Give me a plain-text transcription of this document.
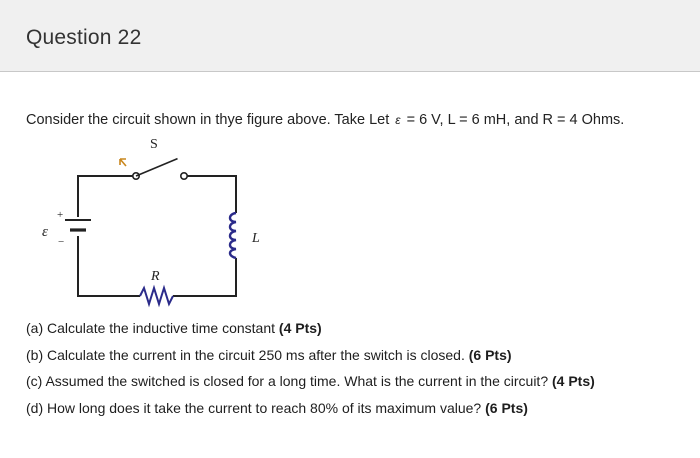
Question 22
Consider the circuit shown in thye figure above. Take Let ε = 6 V, L = 6 mH, and R = 4 Ohms.
S
+
−
ε	L
R
(a) Calculate the inductive time constant (4 Pts)
(b) Calculate the current in the circuit 250 ms after the switch is closed. (6 Pts)
(c) Assumed the switched is closed for a long time. What is the current in the circuit? (4 Pts)
(d) How long does it take the current to reach 80% of its maximum value? (6 Pts)
